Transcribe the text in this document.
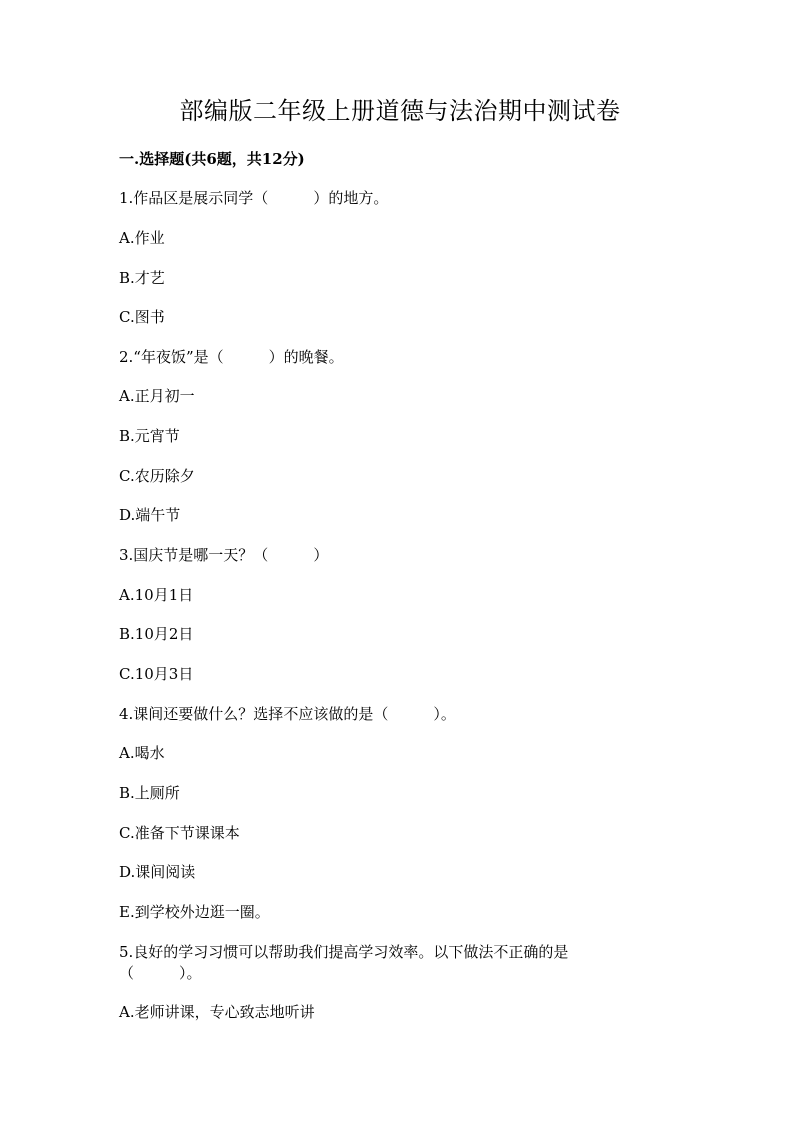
部编版二年级上册道德与法治期中测试卷
一.选择题(共6题，共12分)
1.作品区是展示同学（　　　）的地方。
A.作业
B.才艺
C.图书
2.“年夜饭”是（　　　）的晚餐。
A.正月初一
B.元宵节
C.农历除夕
D.端午节
3.国庆节是哪一天？（　　　）
A.10月1日
B.10月2日
C.10月3日
4.课间还要做什么？选择不应该做的是（　　　）。
A.喝水
B.上厕所
C.准备下节课课本
D.课间阅读
E.到学校外边逛一圈。
5.良好的学习习惯可以帮助我们提高学习效率。以下做法不正确的是
（　　　）。
A.老师讲课，专心致志地听讲
